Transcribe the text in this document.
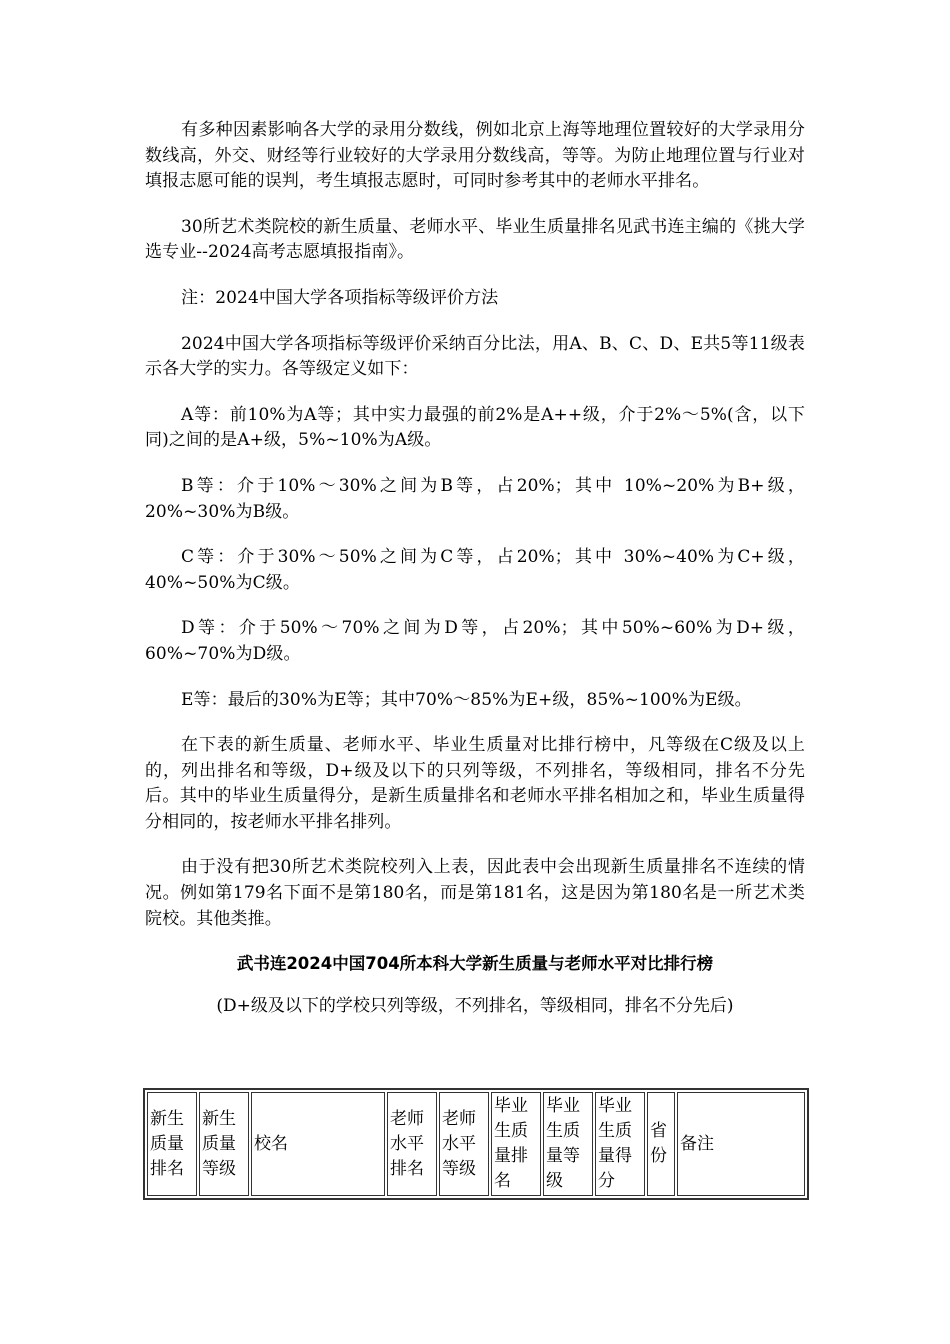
有多种因素影响各大学的录用分数线，例如北京上海等地理位置较好的大学录用分数线高，外交、财经等行业较好的大学录用分数线高，等等。为防止地理位置与行业对填报志愿可能的误判，考生填报志愿时，可同时参考其中的老师水平排名。

30所艺术类院校的新生质量、老师水平、毕业生质量排名见武书连主编的《挑大学 选专业--2024高考志愿填报指南》。

注：2024中国大学各项指标等级评价方法

2024中国大学各项指标等级评价采纳百分比法，用A、B、C、D、E共5等11级表示各大学的实力。各等级定义如下：

A等：前10%为A等；其中实力最强的前2%是A++级，介于2%～5%(含，以下同)之间的是A+级，5%~10%为A级。

B等：介于10%～30%之间为B等，占20%；其中 10%~20%为B+级，20%~30%为B级。

C等：介于30%～50%之间为C等，占20%；其中 30%~40%为C+级，40%~50%为C级。

D等：介于50%～70%之间为D等，占20%；其中50%~60%为D+级，60%~70%为D级。

E等：最后的30%为E等；其中70%～85%为E+级，85%~100%为E级。

在下表的新生质量、老师水平、毕业生质量对比排行榜中，凡等级在C级及以上的，列出排名和等级，D+级及以下的只列等级，不列排名，等级相同，排名不分先后。其中的毕业生质量得分，是新生质量排名和老师水平排名相加之和，毕业生质量得分相同的，按老师水平排名排列。

由于没有把30所艺术类院校列入上表，因此表中会出现新生质量排名不连续的情况。例如第179名下面不是第180名，而是第181名，这是因为第180名是一所艺术类院校。其他类推。

武书连2024中国704所本科大学新生质量与老师水平对比排行榜
(D+级及以下的学校只列等级，不列排名，等级相同，排名不分先后)
新生质量排名	新生质量等级	校名	老师水平排名	老师水平等级	毕业生质量排名	毕业生质量等级	毕业生质量得分	省份	备注
